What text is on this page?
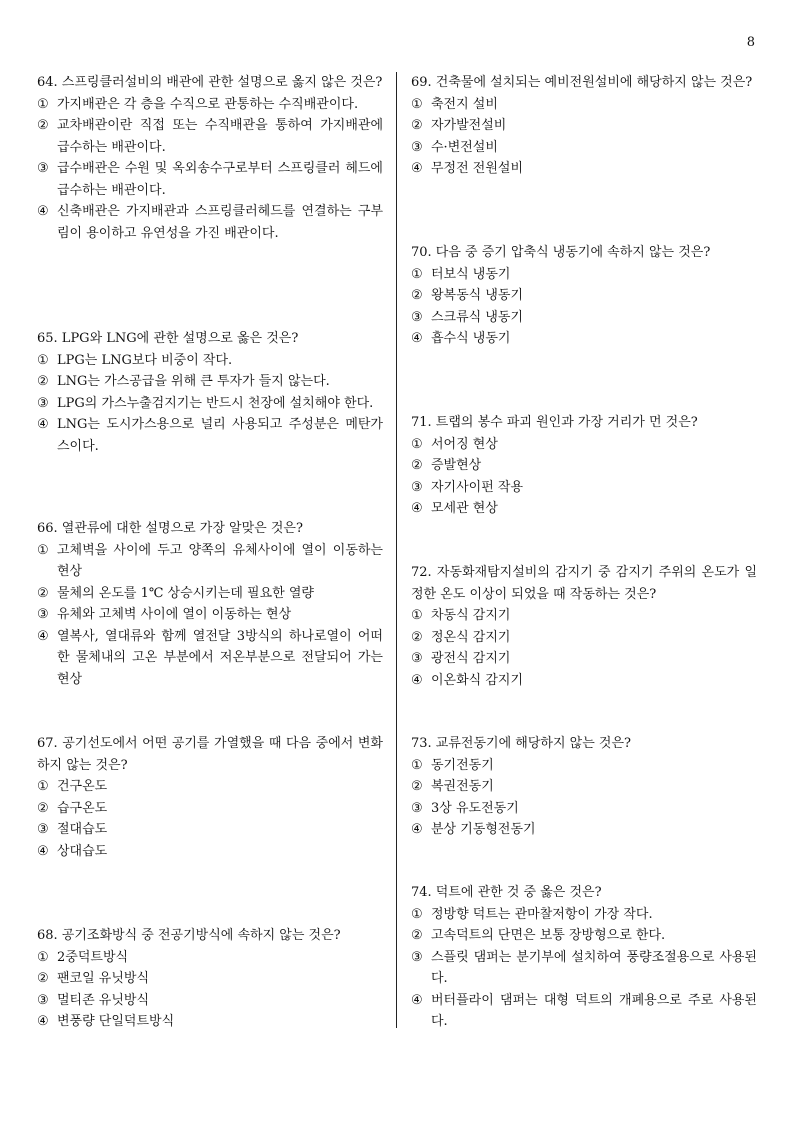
8

64. 스프링클러설비의 배관에 관한 설명으로 옳지 않은 것은?

① 가지배관은 각 층을 수직으로 관통하는 수직배관이다.
② 교차배관이란 직접 또는 수직배관을 통하여 가지배관에 급수하는 배관이다.
③ 급수배관은 수원 및 옥외송수구로부터 스프링클러 헤드에 급수하는 배관이다.
④ 신축배관은 가지배관과 스프링클러헤드를 연결하는 구부림이 용이하고 유연성을 가진 배관이다.

65. LPG와 LNG에 관한 설명으로 옳은 것은?

① LPG는 LNG보다 비중이 작다.
② LNG는 가스공급을 위해 큰 투자가 들지 않는다.
③ LPG의 가스누출검지기는 반드시 천장에 설치해야 한다.
④ LNG는 도시가스용으로 널리 사용되고 주성분은 메탄가스이다.

66. 열관류에 대한 설명으로 가장 알맞은 것은?

① 고체벽을 사이에 두고 양쪽의 유체사이에 열이 이동하는 현상
② 물체의 온도를 1℃ 상승시키는데 필요한 열량
③ 유체와 고체벽 사이에 열이 이동하는 현상
④ 열복사, 열대류와 함께 열전달 3방식의 하나로열이 어떠한 물체내의 고온 부분에서 저온부분으로 전달되어 가는 현상

67. 공기선도에서 어떤 공기를 가열했을 때 다음 중에서 변화하지 않는 것은?

① 건구온도
② 습구온도
③ 절대습도
④ 상대습도

68. 공기조화방식 중 전공기방식에 속하지 않는 것은?

① 2중덕트방식
② 팬코일 유닛방식
③ 멀티존 유닛방식
④ 변풍량 단일덕트방식

69. 건축물에 설치되는 예비전원설비에 해당하지 않는 것은?

① 축전지 설비
② 자가발전설비
③ 수·변전설비
④ 무정전 전원설비

70. 다음 중 증기 압축식 냉동기에 속하지 않는 것은?

① 터보식 냉동기
② 왕복동식 냉동기
③ 스크류식 냉동기
④ 흡수식 냉동기

71. 트랩의 봉수 파괴 원인과 가장 거리가 먼 것은?

① 서어징 현상
② 증발현상
③ 자기사이펀 작용
④ 모세관 현상

72. 자동화재탐지설비의 감지기 중 감지기 주위의 온도가 일정한 온도 이상이 되었을 때 작동하는 것은?

① 차동식 감지기
② 정온식 감지기
③ 광전식 감지기
④ 이온화식 감지기

73. 교류전동기에 해당하지 않는 것은?

① 동기전동기
② 복권전동기
③ 3상 유도전동기
④ 분상 기동형전동기

74. 덕트에 관한 것 중 옳은 것은?

① 정방향 덕트는 관마찰저항이 가장 작다.
② 고속덕트의 단면은 보통 장방형으로 한다.
③ 스플릿 댐퍼는 분기부에 설치하여 풍량조절용으로 사용된다.
④ 버터플라이 댐퍼는 대형 덕트의 개폐용으로 주로 사용된다.
